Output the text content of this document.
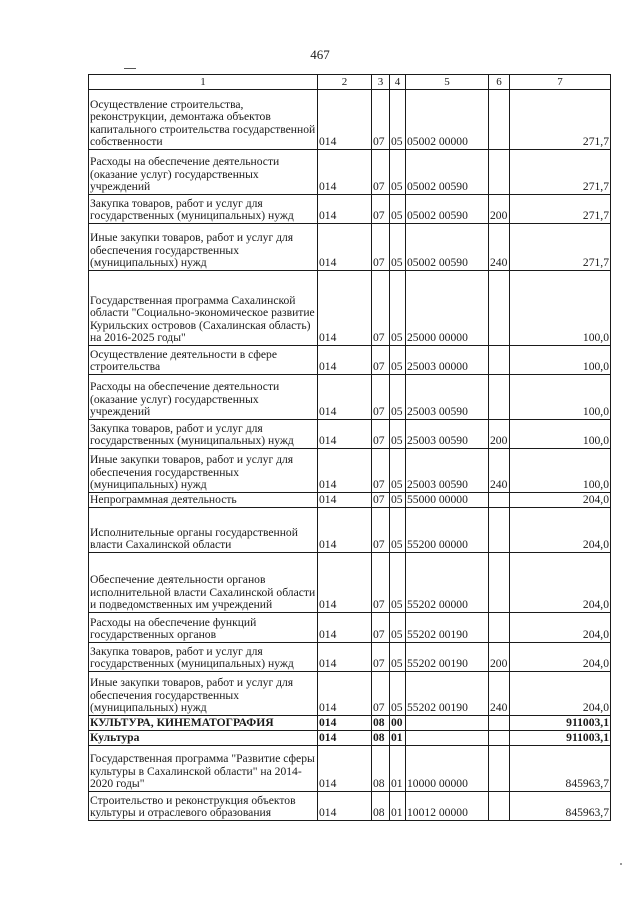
467
1	2	3	4	5	6	7
Осуществление строительства, реконструкции, демонтажа объектов капитального строительства государственной собственности	014	07	05	05002 00000		271,7
Расходы на обеспечение деятельности (оказание услуг) государственных учреждений	014	07	05	05002 00590		271,7
Закупка товаров, работ и услуг для государственных (муниципальных) нужд	014	07	05	05002 00590	200	271,7
Иные закупки товаров, работ и услуг для обеспечения государственных (муниципальных) нужд	014	07	05	05002 00590	240	271,7
Государственная программа Сахалинской области "Социально-экономическое развитие Курильских островов (Сахалинская область) на 2016-2025 годы"	014	07	05	25000 00000		100,0
Осуществление деятельности в сфере строительства	014	07	05	25003 00000		100,0
Расходы на обеспечение деятельности (оказание услуг) государственных учреждений	014	07	05	25003 00590		100,0
Закупка товаров, работ и услуг для государственных (муниципальных) нужд	014	07	05	25003 00590	200	100,0
Иные закупки товаров, работ и услуг для обеспечения государственных (муниципальных) нужд	014	07	05	25003 00590	240	100,0
Непрограммная деятельность	014	07	05	55000 00000		204,0
Исполнительные органы государственной власти Сахалинской области	014	07	05	55200 00000		204,0
Обеспечение деятельности органов исполнительной власти Сахалинской области и подведомственных им учреждений	014	07	05	55202 00000		204,0
Расходы на обеспечение функций государственных органов	014	07	05	55202 00190		204,0
Закупка товаров, работ и услуг для государственных (муниципальных) нужд	014	07	05	55202 00190	200	204,0
Иные закупки товаров, работ и услуг для обеспечения государственных (муниципальных) нужд	014	07	05	55202 00190	240	204,0
КУЛЬТУРА, КИНЕМАТОГРАФИЯ	014	08	00			911003,1
Культура	014	08	01			911003,1
Государственная программа "Развитие сферы культуры в Сахалинской области" на 2014-2020 годы"	014	08	01	10000 00000		845963,7
Строительство и реконструкция объектов культуры и отраслевого образования	014	08	01	10012 00000		845963,7
